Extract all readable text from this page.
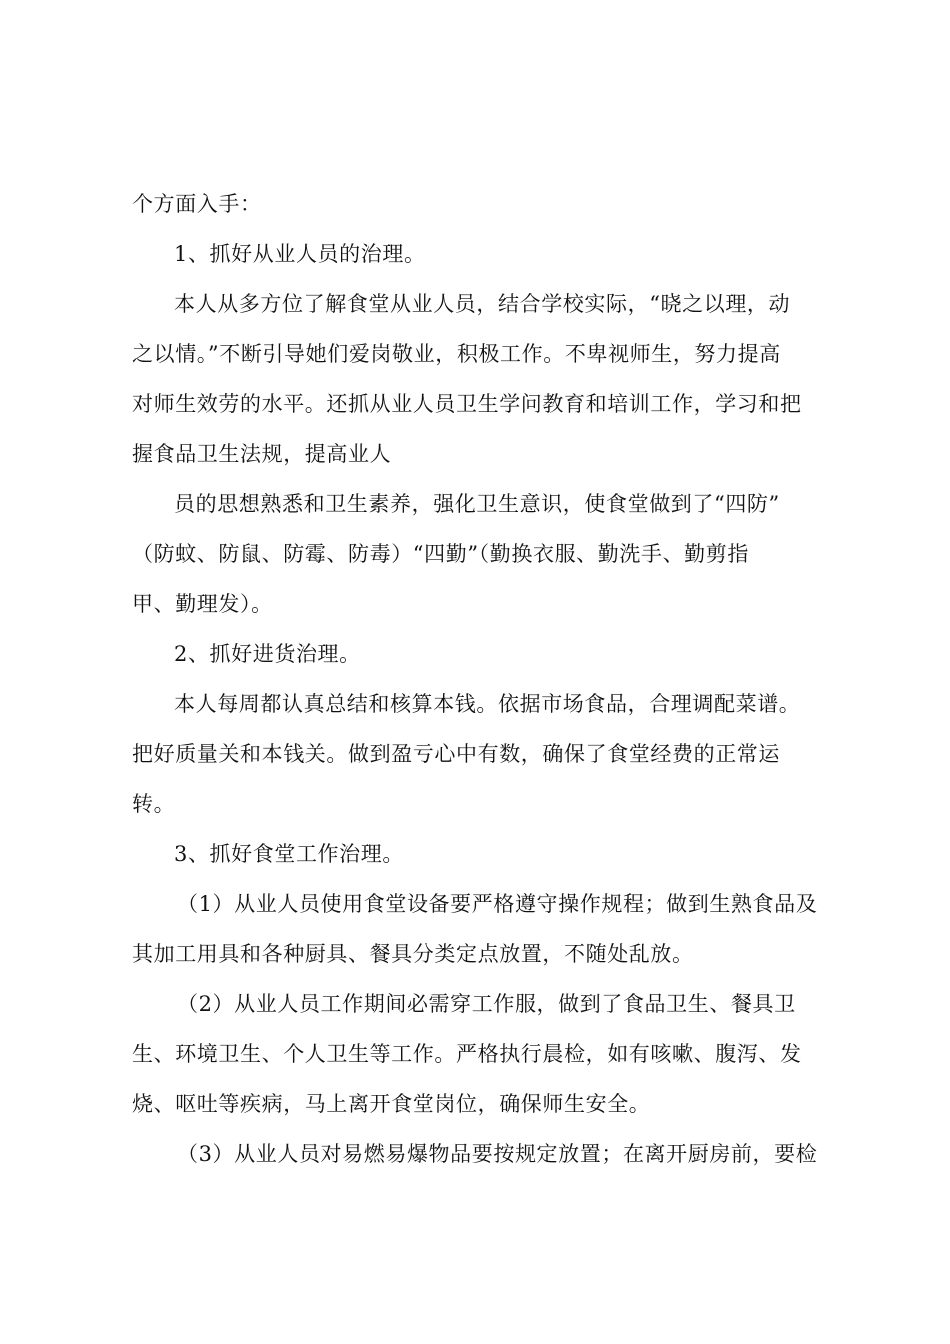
个方面入手：
1、抓好从业人员的治理。
本人从多方位了解食堂从业人员，结合学校实际，“晓之以理，动
之以情。”不断引导她们爱岗敬业，积极工作。不卑视师生，努力提高
对师生效劳的水平。还抓从业人员卫生学问教育和培训工作，学习和把
握食品卫生法规，提高业人
员的思想熟悉和卫生素养，强化卫生意识，使食堂做到了“四防”
（防蚊、防鼠、防霉、防毒）“四勤”（勤换衣服、勤洗手、勤剪指
甲、勤理发）。
2、抓好进货治理。
本人每周都认真总结和核算本钱。依据市场食品，合理调配菜谱。
把好质量关和本钱关。做到盈亏心中有数，确保了食堂经费的正常运
转。
3、抓好食堂工作治理。
（1）从业人员使用食堂设备要严格遵守操作规程；做到生熟食品及
其加工用具和各种厨具、餐具分类定点放置，不随处乱放。
（2）从业人员工作期间必需穿工作服，做到了食品卫生、餐具卫
生、环境卫生、个人卫生等工作。严格执行晨检，如有咳嗽、腹泻、发
烧、呕吐等疾病，马上离开食堂岗位，确保师生安全。
（3）从业人员对易燃易爆物品要按规定放置；在离开厨房前，要检
